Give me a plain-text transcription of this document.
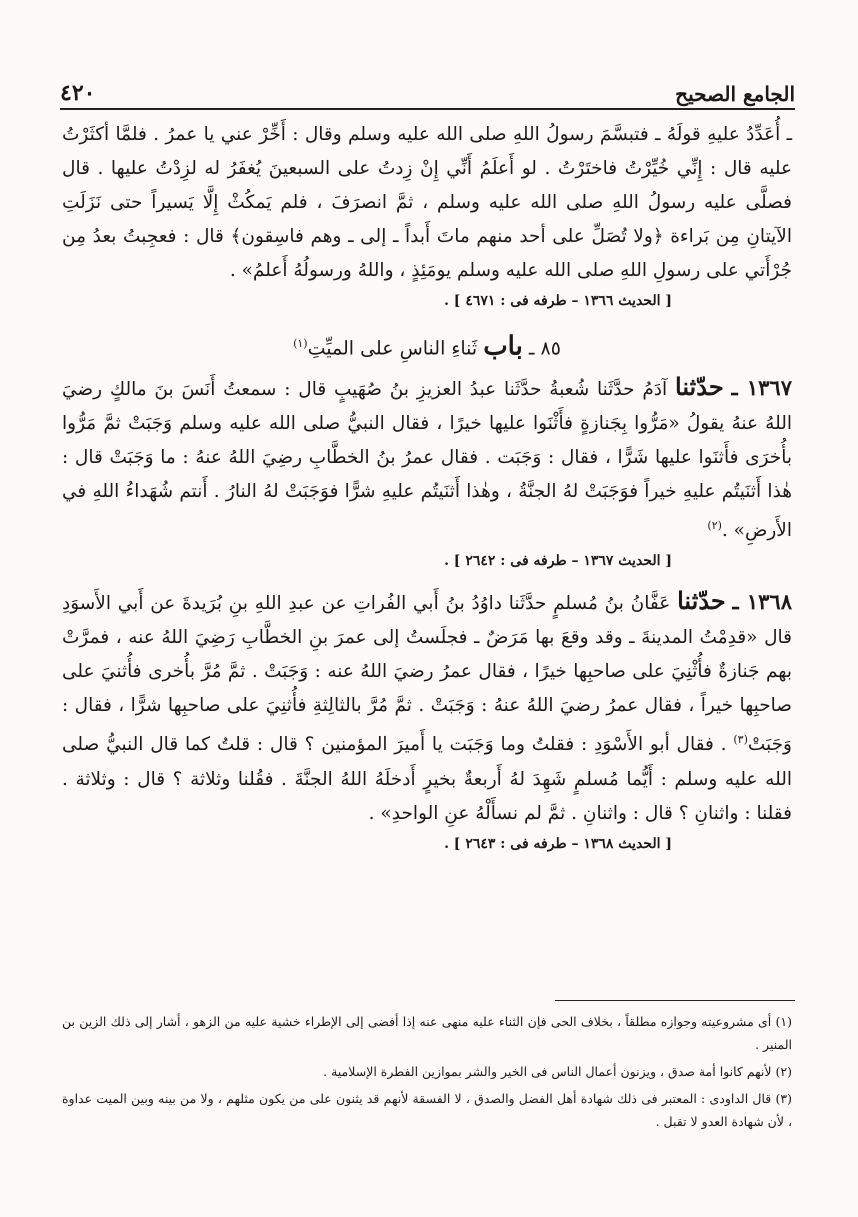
٤٢٠	الجامع الصحيح

ـ أُعَدِّدُ عليهِ قولَهُ ـ فتبسَّمَ رسولُ اللهِ صلى الله عليه وسلم وقال : أَخِّرْ عني يا عمرُ . فلمَّا أكثَرْتُ عليه قال : إِنِّي خُيِّرْتُ فاختَرْتُ . لو أَعلَمُ أَنِّي إِنْ زِدتُ على السبعينَ يُغفَرُ له لزِدْتُ عليها . قال فصلَّى عليه رسولُ اللهِ صلى الله عليه وسلم ، ثمَّ انصرَفَ ، فلم يَمكُثْ إِلَّا يَسيراً حتى نَزَلَتِ الآيتانِ مِن بَراءة ﴿ولا تُصَلِّ على أحد منهم ماتَ أَبداً ـ إلى ـ وهم فاسِقون﴾ قال : فعجِبتُ بعدُ مِن جُرْأَتي على رسولِ اللهِ صلى الله عليه وسلم يومَئِذٍ ، واللهُ ورسولُهُ أَعلمُ» .

[ الحديث ١٣٦٦ – طرفه فى : ٤٦٧١ ] .
٨٥ ـ باب ثَناءِ الناسِ على الميِّتِ$^{(١)}$

١٣٦٧ ـ حدّثنا آدَمُ حدَّثَنا شُعبةُ حدَّثَنا عبدُ العزيزِ بنُ صُهَيبٍ قال : سمعتُ أَنَسَ بنَ مالكٍ رضيَ اللهُ عنهُ يقولُ «مَرُّوا بِجَنازةٍ فأَثْنَوا عليها خيرًا ، فقال النبيُّ صلى الله عليه وسلم وَجَبَتْ ثمَّ مَرُّوا بأُخرَى فأَثنَوا عليها شَرًّا ، فقال : وَجَبَت . فقال عمرُ بنُ الخطَّابِ رضِيَ اللهُ عنهُ : ما وَجَبَتْ قال : هٰذا أَثنَيتُم عليهِ خيراً فوَجَبَتْ لهُ الجنَّةُ ، وهٰذا أَثنَيتُم عليهِ شرًّا فوَجَبَتْ لهُ النارُ . أَنتم شُهَداءُ اللهِ في الأَرضِ» .$^{(٢)}$

[ الحديث ١٣٦٧ – طرفه فى : ٢٦٤٢ ] .

١٣٦٨ ـ حدّثنا عَفَّانُ بنُ مُسلمٍ حدَّثَنا داوُدُ بنُ أَبي الفُراتِ عن عبدِ اللهِ بنِ بُرَيدةَ عن أَبي الأَسوَدِ قال «قدِمْتُ المدينةَ ـ وقد وقعَ بها مَرَضٌ ـ فجلَستُ إلى عمرَ بنِ الخطَّابِ رَضِيَ اللهُ عنه ، فمرَّتْ بهم جَنازةٌ فأُثْنِيَ على صاحبِها خيرًا ، فقال عمرُ رضيَ اللهُ عنه : وَجَبَتْ . ثمَّ مُرَّ بأُخرى فأُثنيَ على صاحبِها خيراً ، فقال عمرُ رضيَ اللهُ عنهُ : وَجَبَتْ . ثمَّ مُرَّ بالثالِثةِ فأُثنِيَ على صاحبِها شرًّا ، فقال : وَجَبَتْ$^{(٣)}$ . فقال أبو الأَسْوَدِ : فقلتُ وما وَجَبَت يا أَميرَ المؤمنين ؟ قال : قلتُ كما قال النبيُّ صلى الله عليه وسلم : أَيُّما مُسلمٍ شَهِدَ لهُ أَربعةٌ بخيرٍ أَدخلَهُ اللهُ الجنَّةَ . فقُلنا وثلاثة ؟ قال : وثلاثة . فقلنا : واثنانِ ؟ قال : واثنانِ . ثمَّ لم نسأَلْهُ عنِ الواحدِ» .

[ الحديث ١٣٦٨ – طرفه فى : ٢٦٤٣ ] .

(١) أى مشروعيته وجوازه مطلقاً ، بخلاف الحى فإن الثناء عليه منهى عنه إذا أفضى إلى الإطراء خشية عليه من الزهو ، أشار إلى ذلك الزين بن المنير .

(٢) لأنهم كانوا أمة صدق ، ويزنون أعمال الناس فى الخير والشر بموازين الفطرة الإسلامية .

(٣) قال الداودى : المعتبر فى ذلك شهادة أهل الفضل والصدق ، لا الفسقة لأنهم قد يثنون على من يكون مثلهم ، ولا من بينه وبين الميت عداوة ، لأن شهادة العدو لا تقبل .
